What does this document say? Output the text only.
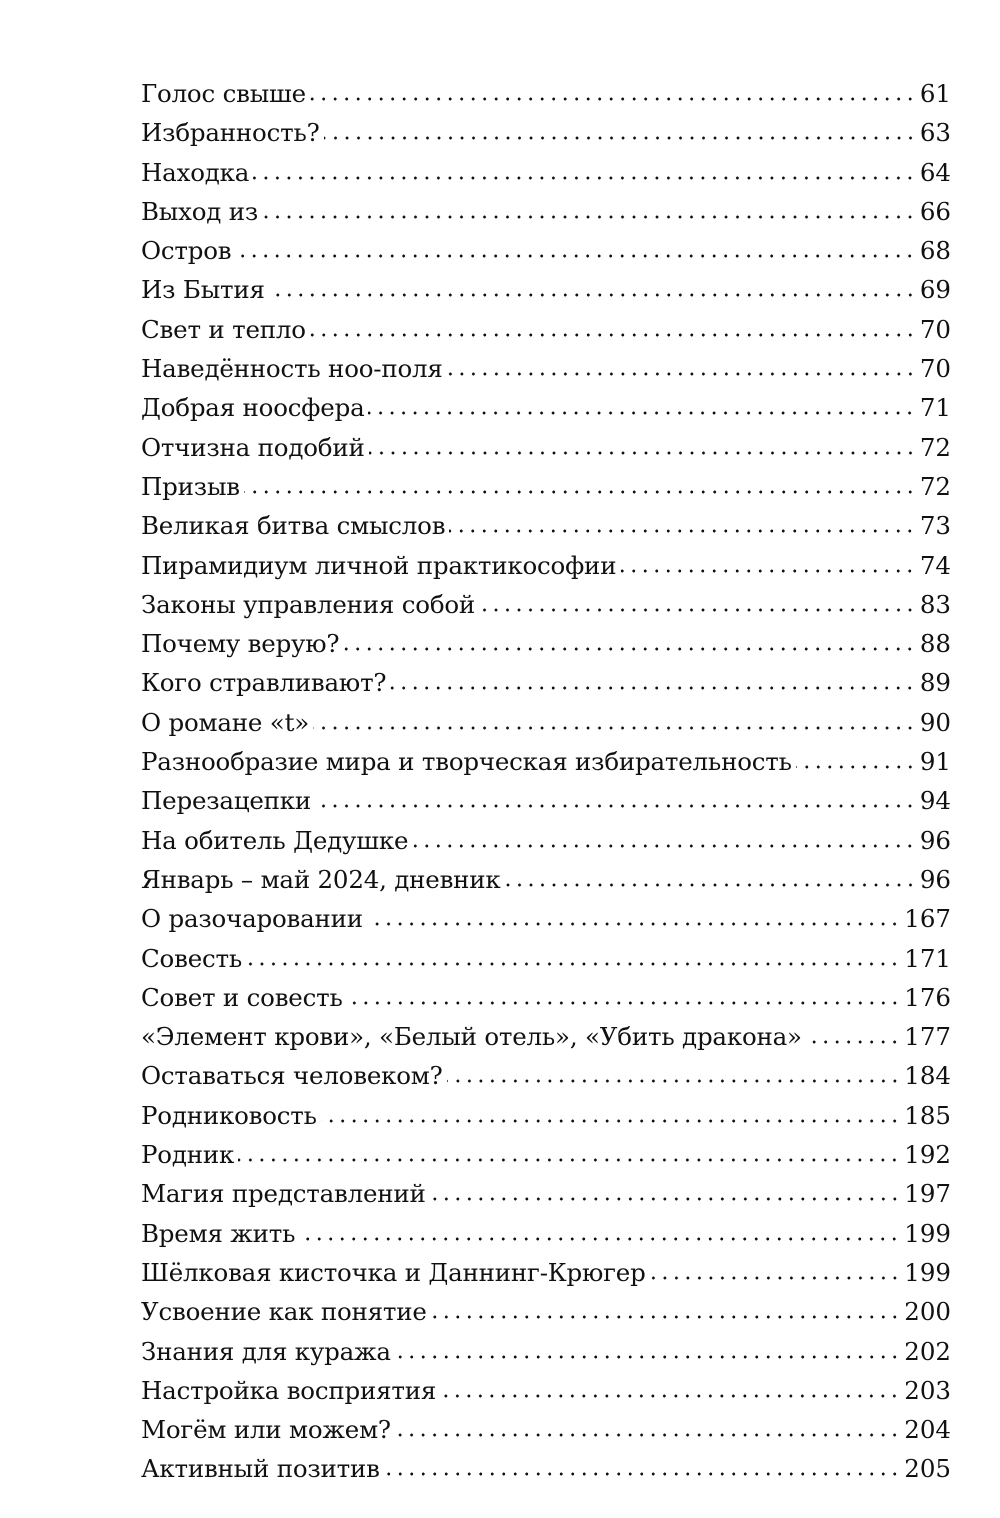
Голос свыше	61
Избранность?	63
Находка	64
Выход из	66
Остров	68
Из Бытия	69
Свет и тепло	70
Наведённость ноо-поля	70
Добрая ноосфера	71
Отчизна подобий	72
Призыв	72
Великая битва смыслов	73
Пирамидиум личной практикософии	74
Законы управления собой	83
Почему верую?	88
Кого стравливают?	89
О романе «t»	90
Разнообразие мира и творческая избирательность	91
Перезацепки	94
На обитель Дедушке	96
Январь – май 2024, дневник	96
О разочаровании	167
Совесть	171
Совет и совесть	176
«Элемент крови», «Белый отель», «Убить дракона»	177
Оставаться человеком?	184
Родниковость	185
Родник	192
Магия представлений	197
Время жить	199
Шёлковая кисточка и Даннинг-Крюгер	199
Усвоение как понятие	200
Знания для куража	202
Настройка восприятия	203
Могём или можем?	204
Активный позитив	205
